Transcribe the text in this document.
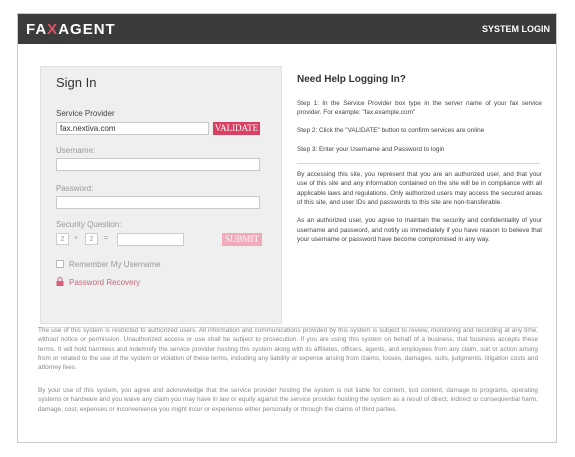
FAXAGENT	SYSTEM LOGIN
Sign In
Service Provider
fax.nextiva.com
VALIDATE
Username:
Password:
Security Question:
2	+	2	=	SUBMIT
Remember My Username
Password Recovery
Need Help Logging In?

Step 1: In the Service Provider box type in the server name of your fax service provider. For example: "fax.example.com"

Step 2: Click the "VALIDATE" button to confirm services are online

Step 3: Enter your Username and Password to login

By accessing this site, you represent that you are an authorized user, and that your use of this site and any information contained on the site will be in compliance with all applicable laws and regulations. Only authorized users may access the secured areas of this site, and user IDs and passwords to this site are non-transferable.

As an authorized user, you agree to maintain the security and confidentiality of your username and password, and notify us immediately if you have reason to believe that your username or password have become compromised in any way.

The use of this system is restricted to authorized users. All information and communications provided by this system is subject to review, monitoring and recording at any time, without notice or permission. Unauthorized access or use shall be subject to prosecution. If you are using this system on behalf of a business, that business accepts these terms. It will hold harmless and indemnify the service provider hosting this system along with its affiliates, officers, agents, and employees from any claim, suit or action arising from or related to the use of the system or violation of these terms, including any liability or expense arising from claims, losses, damages, suits, judgments, litigation costs and attorney fees.

By your use of this system, you agree and acknowledge that the service provider hosting the system is not liable for content, lost content, damage to programs, operating systems or hardware and you waive any claim you may have in law or equity against the service provider hosting the system as a result of direct, indirect or consequential harm, damage, cost, expenses or inconvenience you might incur or experience either personally or through the claims of third parties.
